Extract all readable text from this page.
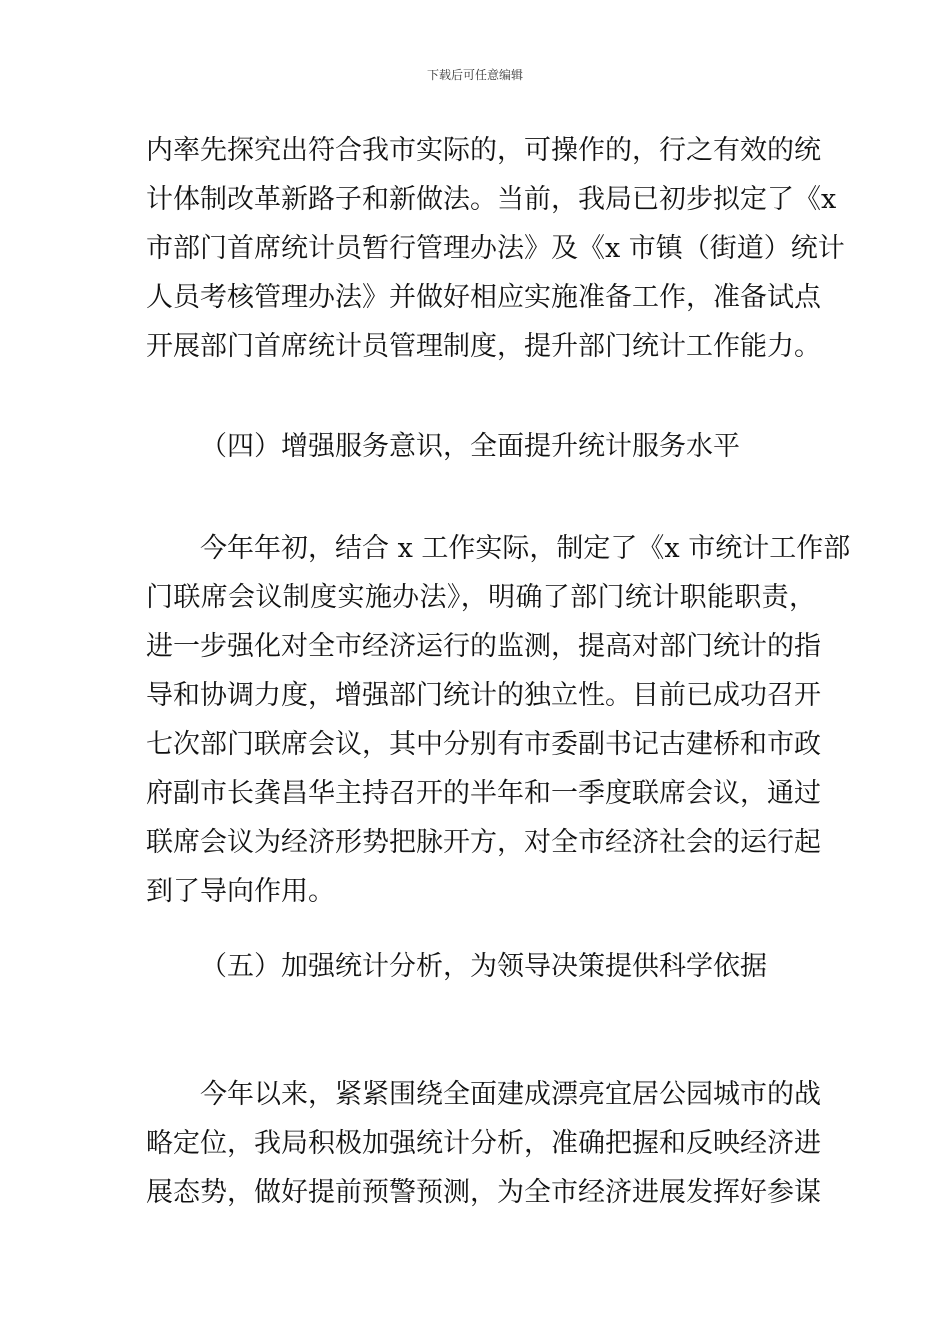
下载后可任意编辑
内率先探究出符合我市实际的，可操作的，行之有效的统
计体制改革新路子和新做法。当前，我局已初步拟定了《x
市部门首席统计员暂行管理办法》及《x 市镇（街道）统计
人员考核管理办法》并做好相应实施准备工作，准备试点
开展部门首席统计员管理制度，提升部门统计工作能力。
（四）增强服务意识，全面提升统计服务水平
今年年初，结合 x 工作实际，制定了《x 市统计工作部
门联席会议制度实施办法》，明确了部门统计职能职责，
进一步强化对全市经济运行的监测，提高对部门统计的指
导和协调力度，增强部门统计的独立性。目前已成功召开
七次部门联席会议，其中分别有市委副书记古建桥和市政
府副市长龚昌华主持召开的半年和一季度联席会议，通过
联席会议为经济形势把脉开方，对全市经济社会的运行起
到了导向作用。
（五）加强统计分析，为领导决策提供科学依据
今年以来，紧紧围绕全面建成漂亮宜居公园城市的战
略定位，我局积极加强统计分析，准确把握和反映经济进
展态势，做好提前预警预测，为全市经济进展发挥好参谋
